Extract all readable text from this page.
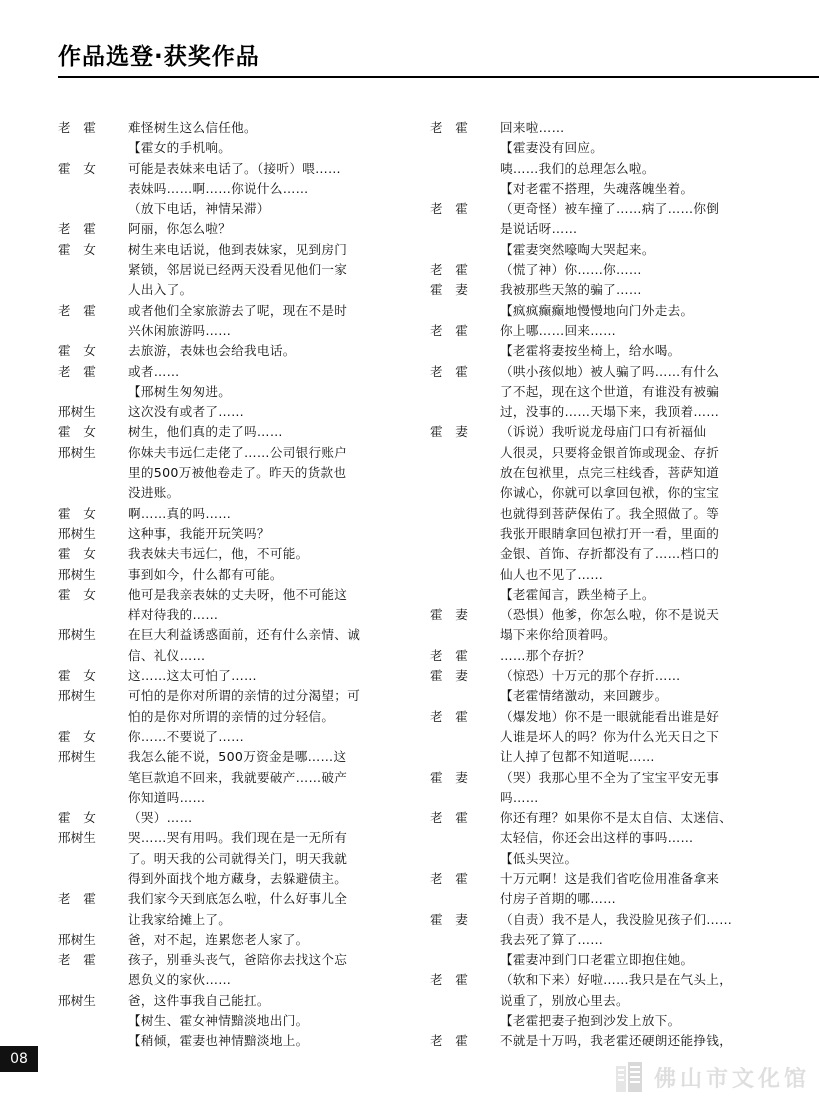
作品选登·获奖作品
老　霍	难怪树生这么信任他。
【霍女的手机响。
霍　女	可能是表妹来电话了。（接听）喂……
表妹吗……啊……你说什么……
（放下电话，神情呆滞）
老　霍	阿丽，你怎么啦？
霍　女	树生来电话说，他到表妹家，见到房门
紧锁，邻居说已经两天没看见他们一家
人出入了。
老　霍	或者他们全家旅游去了呢，现在不是时
兴休闲旅游吗……
霍　女	去旅游，表妹也会给我电话。
老　霍	或者……
【邢树生匆匆进。
邢树生	这次没有或者了……
霍　女	树生，他们真的走了吗……
邢树生	你妹夫韦远仁走佬了……公司银行账户
里的500万被他卷走了。昨天的货款也
没进账。
霍　女	啊……真的吗……
邢树生	这种事，我能开玩笑吗？
霍　女	我表妹夫韦远仁，他，不可能。
邢树生	事到如今，什么都有可能。
霍　女	他可是我亲表妹的丈夫呀，他不可能这
样对待我的……
邢树生	在巨大利益诱惑面前，还有什么亲情、诚
信、礼仪……
霍　女	这……这太可怕了……
邢树生	可怕的是你对所谓的亲情的过分渴望；可
怕的是你对所谓的亲情的过分轻信。
霍　女	你……不要说了……
邢树生	我怎么能不说，500万资金是哪……这
笔巨款追不回来，我就要破产……破产
你知道吗……
霍　女	（哭）……
邢树生	哭……哭有用吗。我们现在是一无所有
了。明天我的公司就得关门，明天我就
得到外面找个地方藏身，去躲避债主。
老　霍	我们家今天到底怎么啦，什么好事儿全
让我家给摊上了。
邢树生	爸，对不起，连累您老人家了。
老　霍	孩子，别垂头丧气，爸陪你去找这个忘
恩负义的家伙……
邢树生	爸，这件事我自己能扛。
【树生、霍女神情黯淡地出门。
【稍倾，霍妻也神情黯淡地上。
老　霍	回来啦……
【霍妻没有回应。
咦……我们的总理怎么啦。
【对老霍不搭理，失魂落魄坐着。
老　霍	（更奇怪）被车撞了……病了……你倒
是说话呀……
【霍妻突然嚎啕大哭起来。
老　霍	（慌了神）你……你……
霍　妻	我被那些天煞的骗了……
【疯疯癫癫地慢慢地向门外走去。
老　霍	你上哪……回来……
【老霍将妻按坐椅上，给水喝。
老　霍	（哄小孩似地）被人骗了吗……有什么
了不起，现在这个世道，有谁没有被骗
过，没事的……天塌下来，我顶着……
霍　妻	（诉说）我听说龙母庙门口有祈福仙
人很灵，只要将金银首饰或现金、存折
放在包袱里，点完三柱线香，菩萨知道
你诚心，你就可以拿回包袱，你的宝宝
也就得到菩萨保佑了。我全照做了。等
我张开眼睛拿回包袱打开一看，里面的
金银、首饰、存折都没有了……档口的
仙人也不见了……
【老霍闻言，跌坐椅子上。
霍　妻	（恐惧）他爹，你怎么啦，你不是说天
塌下来你给顶着吗。
老　霍	……那个存折？
霍　妻	（惊恐）十万元的那个存折……
【老霍情绪激动，来回踱步。
老　霍	（爆发地）你不是一眼就能看出谁是好
人谁是坏人的吗？你为什么光天日之下
让人掉了包都不知道呢……
霍　妻	（哭）我那心里不全为了宝宝平安无事
吗……
老　霍	你还有理？如果你不是太自信、太迷信、
太轻信，你还会出这样的事吗……
【低头哭泣。
老　霍	十万元啊！这是我们省吃俭用准备拿来
付房子首期的哪……
霍　妻	（自责）我不是人，我没脸见孩子们……
我去死了算了……
【霍妻冲到门口老霍立即抱住她。
老　霍	（软和下来）好啦……我只是在气头上，
说重了，别放心里去。
【老霍把妻子抱到沙发上放下。
老　霍	不就是十万吗，我老霍还硬朗还能挣钱，
08
佛山市文化馆
